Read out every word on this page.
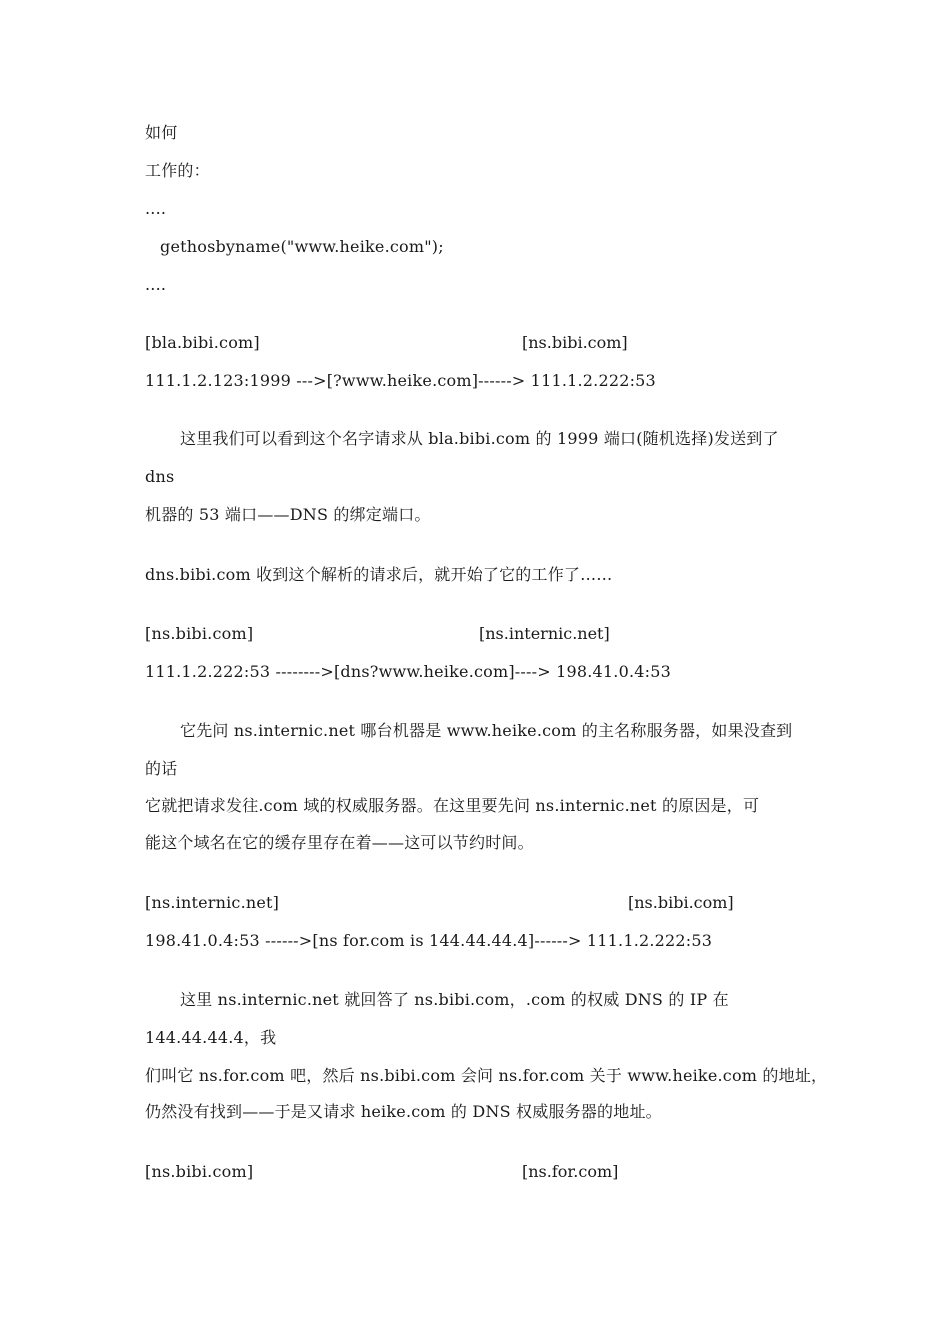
如何
工作的：
....
gethosbyname("www.heike.com");
....
[bla.bibi.com]	[ns.bibi.com]
111.1.2.123:1999 --->[?www.heike.com]------> 111.1.2.222:53
这里我们可以看到这个名字请求从 bla.bibi.com 的 1999 端口(随机选择)发送到了
dns
机器的 53 端口——DNS 的绑定端口。
dns.bibi.com 收到这个解析的请求后，就开始了它的工作了……
[ns.bibi.com]	[ns.internic.net]
111.1.2.222:53 -------->[dns?www.heike.com]----> 198.41.0.4:53
它先问 ns.internic.net 哪台机器是 www.heike.com 的主名称服务器，如果没查到
的话
它就把请求发往.com 域的权威服务器。在这里要先问 ns.internic.net 的原因是，可
能这个域名在它的缓存里存在着——这可以节约时间。
[ns.internic.net]	[ns.bibi.com]
198.41.0.4:53 ------>[ns for.com is 144.44.44.4]------> 111.1.2.222:53
这里 ns.internic.net 就回答了 ns.bibi.com，.com 的权威 DNS 的 IP 在
144.44.44.4，我
们叫它 ns.for.com 吧，然后 ns.bibi.com 会问 ns.for.com 关于 www.heike.com 的地址，
仍然没有找到——于是又请求 heike.com 的 DNS 权威服务器的地址。
[ns.bibi.com]	[ns.for.com]
